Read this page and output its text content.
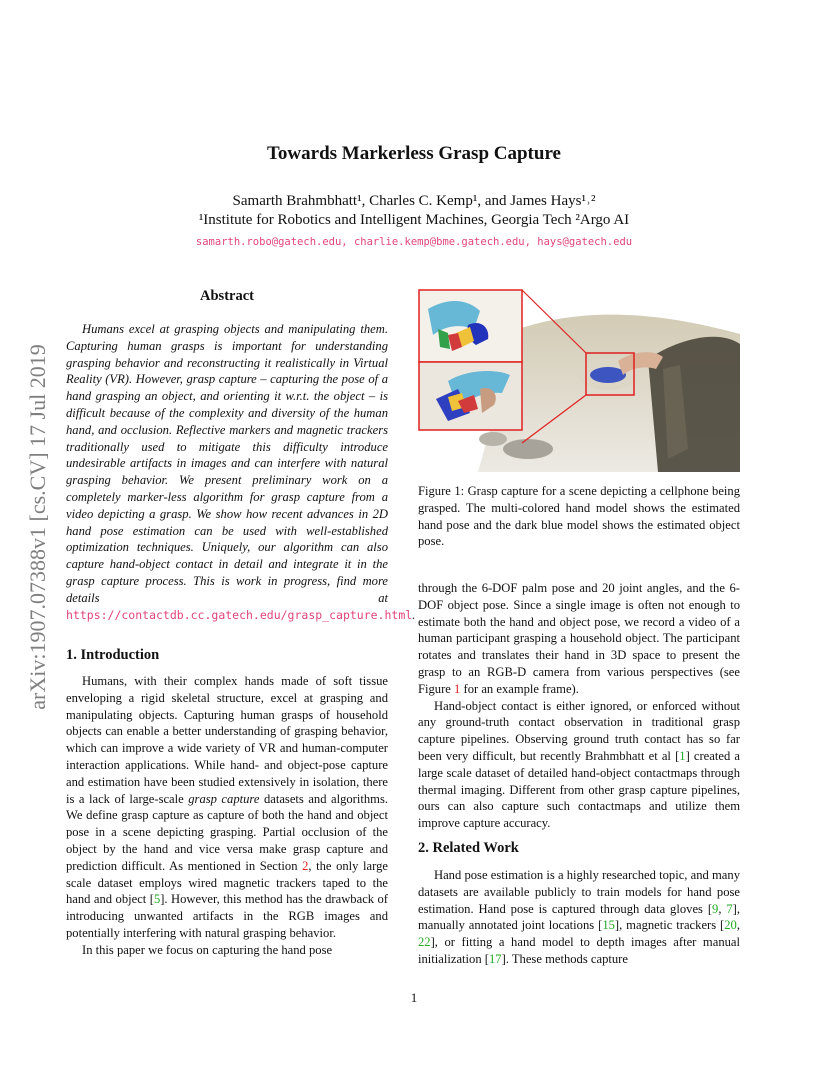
Towards Markerless Grasp Capture
Samarth Brahmbhatt¹, Charles C. Kemp¹, and James Hays¹˒²
¹Institute for Robotics and Intelligent Machines, Georgia Tech ²Argo AI
samarth.robo@gatech.edu, charlie.kemp@bme.gatech.edu, hays@gatech.edu
arXiv:1907.07388v1 [cs.CV] 17 Jul 2019
Abstract

Humans excel at grasping objects and manipulating them. Capturing human grasps is important for understanding grasping behavior and reconstructing it realistically in Virtual Reality (VR). However, grasp capture – capturing the pose of a hand grasping an object, and orienting it w.r.t. the object – is difficult because of the complexity and diversity of the human hand, and occlusion. Reflective markers and magnetic trackers traditionally used to mitigate this difficulty introduce undesirable artifacts in images and can interfere with natural grasping behavior. We present preliminary work on a completely marker-less algorithm for grasp capture from a video depicting a grasp. We show how recent advances in 2D hand pose estimation can be used with well-established optimization techniques. Uniquely, our algorithm can also capture hand-object contact in detail and integrate it in the grasp capture process. This is work in progress, find more details at https://contactdb.cc.gatech.edu/grasp_capture.html.

1. Introduction

Humans, with their complex hands made of soft tissue enveloping a rigid skeletal structure, excel at grasping and manipulating objects. Capturing human grasps of household objects can enable a better understanding of grasping behavior, which can improve a wide variety of VR and human-computer interaction applications. While hand- and object-pose capture and estimation have been studied extensively in isolation, there is a lack of large-scale grasp capture datasets and algorithms. We define grasp capture as capture of both the hand and object pose in a scene depicting grasping. Partial occlusion of the object by the hand and vice versa make grasp capture and prediction difficult. As mentioned in Section 2, the only large scale dataset employs wired magnetic trackers taped to the hand and object [5]. However, this method has the drawback of introducing unwanted artifacts in the RGB images and potentially interfering with natural grasping behavior.

In this paper we focus on capturing the hand pose

Figure 1: Grasp capture for a scene depicting a cellphone being grasped. The multi-colored hand model shows the estimated hand pose and the dark blue model shows the estimated object pose.

through the 6-DOF palm pose and 20 joint angles, and the 6-DOF object pose. Since a single image is often not enough to estimate both the hand and object pose, we record a video of a human participant grasping a household object. The participant rotates and translates their hand in 3D space to present the grasp to an RGB-D camera from various perspectives (see Figure 1 for an example frame).

Hand-object contact is either ignored, or enforced without any ground-truth contact observation in traditional grasp capture pipelines. Observing ground truth contact has so far been very difficult, but recently Brahmbhatt et al [1] created a large scale dataset of detailed hand-object contactmaps through thermal imaging. Different from other grasp capture pipelines, ours can also capture such contactmaps and utilize them improve capture accuracy.

2. Related Work

Hand pose estimation is a highly researched topic, and many datasets are available publicly to train models for hand pose estimation. Hand pose is captured through data gloves [9, 7], manually annotated joint locations [15], magnetic trackers [20, 22], or fitting a hand model to depth images after manual initialization [17]. These methods capture

1
